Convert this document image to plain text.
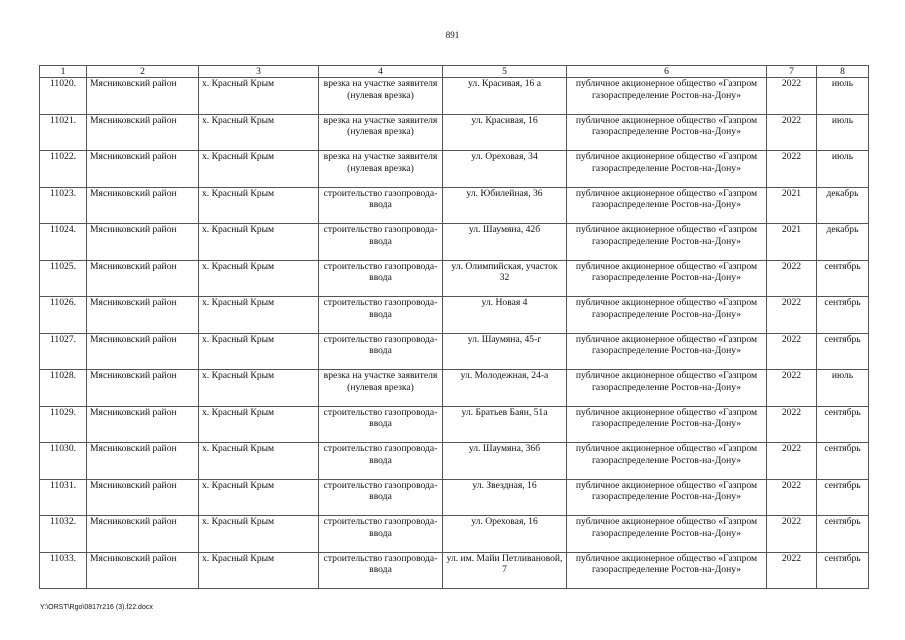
891
1	2	3	4	5	6	7	8
11020.	Мясниковский район	х. Красный Крым	врезка на участке заявителя (нулевая врезка)	ул. Красивая, 16 а	публичное акционерное общество «Газпром газораспределение Ростов-на-Дону»	2022	июль
11021.	Мясниковский район	х. Красный Крым	врезка на участке заявителя (нулевая врезка)	ул. Красивая, 16	публичное акционерное общество «Газпром газораспределение Ростов-на-Дону»	2022	июль
11022.	Мясниковский район	х. Красный Крым	врезка на участке заявителя (нулевая врезка)	ул. Ореховая, 34	публичное акционерное общество «Газпром газораспределение Ростов-на-Дону»	2022	июль
11023.	Мясниковский район	х. Красный Крым	строительство газопровода-ввода	ул. Юбилейная, 36	публичное акционерное общество «Газпром газораспределение Ростов-на-Дону»	2021	декабрь
11024.	Мясниковский район	х. Красный Крым	строительство газопровода-ввода	ул. Шаумяна, 42б	публичное акционерное общество «Газпром газораспределение Ростов-на-Дону»	2021	декабрь
11025.	Мясниковский район	х. Красный Крым	строительство газопровода-ввода	ул. Олимпийская, участок 32	публичное акционерное общество «Газпром газораспределение Ростов-на-Дону»	2022	сентябрь
11026.	Мясниковский район	х. Красный Крым	строительство газопровода-ввода	ул. Новая 4	публичное акционерное общество «Газпром газораспределение Ростов-на-Дону»	2022	сентябрь
11027.	Мясниковский район	х. Красный Крым	строительство газопровода-ввода	ул. Шаумяна, 45-г	публичное акционерное общество «Газпром газораспределение Ростов-на-Дону»	2022	сентябрь
11028.	Мясниковский район	х. Красный Крым	врезка на участке заявителя (нулевая врезка)	ул. Молодежная, 24-а	публичное акционерное общество «Газпром газораспределение Ростов-на-Дону»	2022	июль
11029.	Мясниковский район	х. Красный Крым	строительство газопровода-ввода	ул. Братьев Баян, 51а	публичное акционерное общество «Газпром газораспределение Ростов-на-Дону»	2022	сентябрь
11030.	Мясниковский район	х. Красный Крым	строительство газопровода-ввода	ул. Шаумяна, 36б	публичное акционерное общество «Газпром газораспределение Ростов-на-Дону»	2022	сентябрь
11031.	Мясниковский район	х. Красный Крым	строительство газопровода-ввода	ул. Звездная, 16	публичное акционерное общество «Газпром газораспределение Ростов-на-Дону»	2022	сентябрь
11032.	Мясниковский район	х. Красный Крым	строительство газопровода-ввода	ул. Ореховая, 16	публичное акционерное общество «Газпром газораспределение Ростов-на-Дону»	2022	сентябрь
11033.	Мясниковский район	х. Красный Крым	строительство газопровода-ввода	ул. им. Майи Петливановой, 7	публичное акционерное общество «Газпром газораспределение Ростов-на-Дону»	2022	сентябрь
Y:\ORST\Rgo\0817r216 (3).f22.docx
